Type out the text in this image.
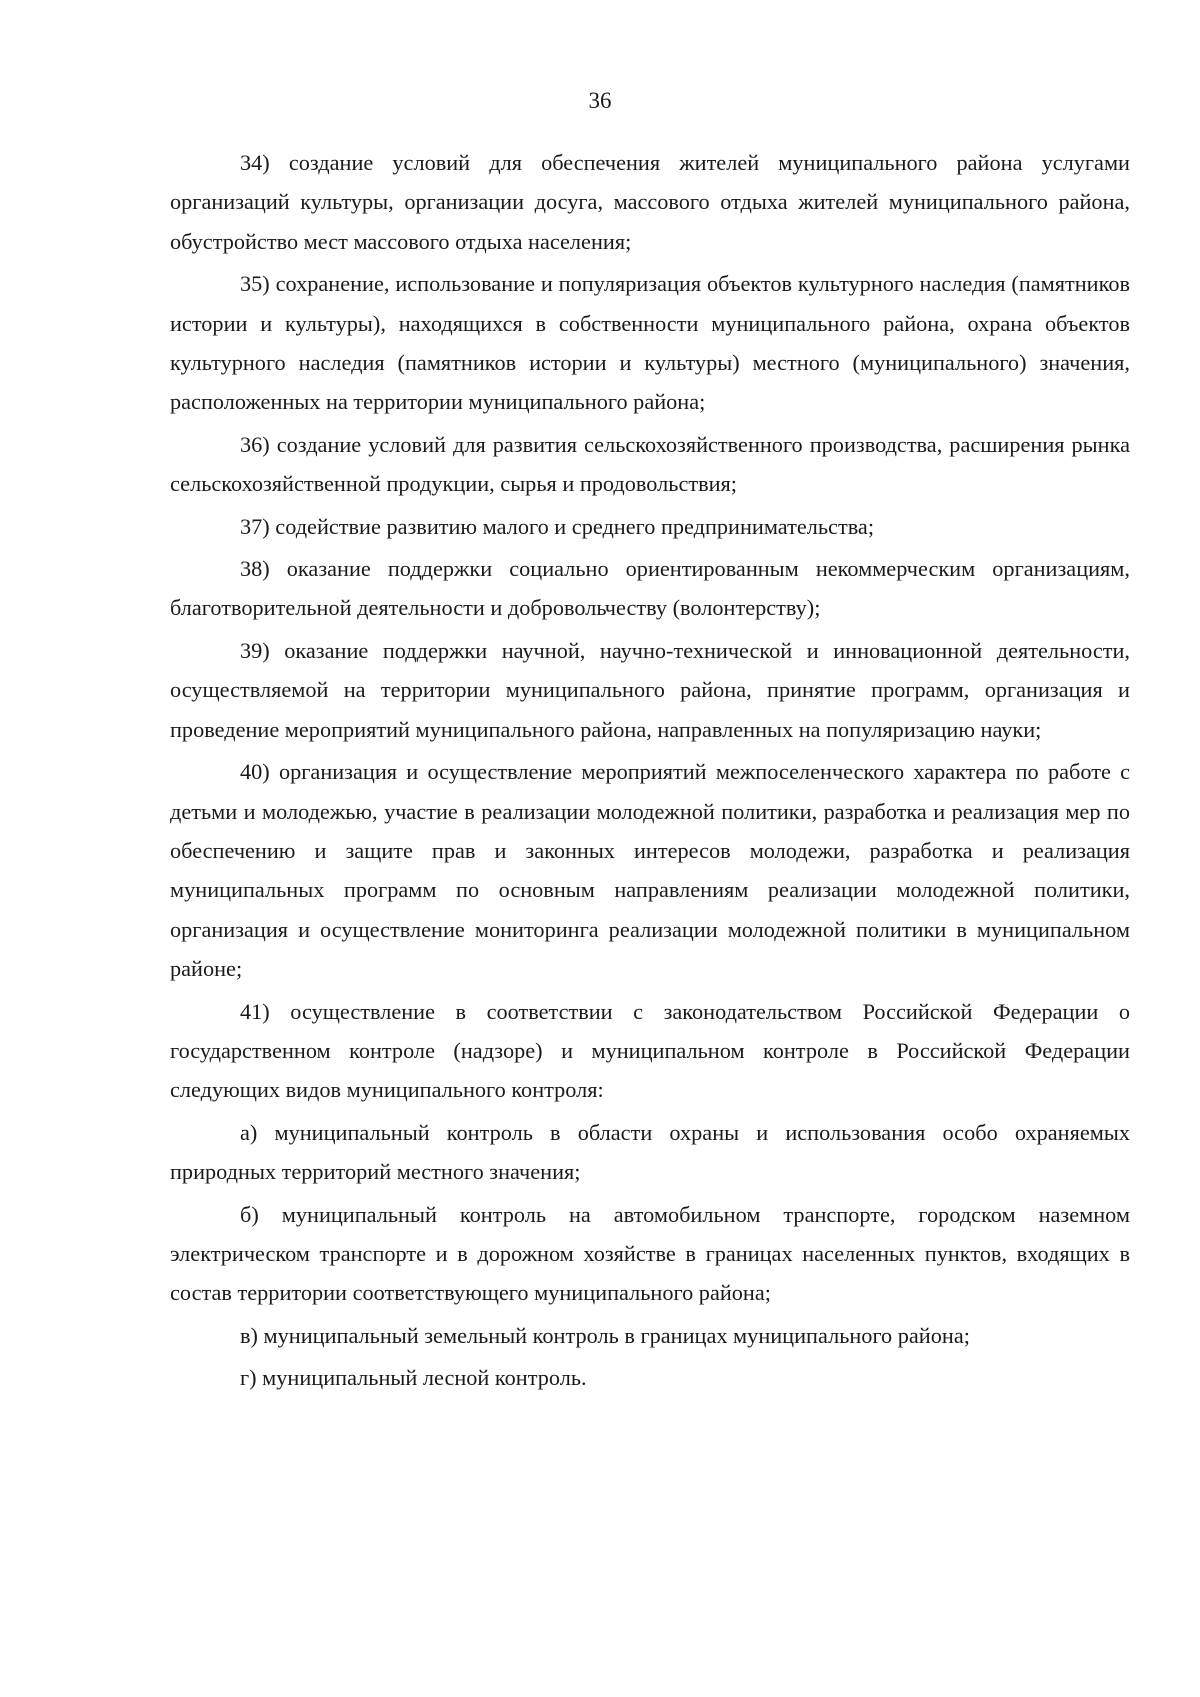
36

34) создание условий для обеспечения жителей муниципального района услугами организаций культуры, организации досуга, массового отдыха жителей муниципального района, обустройство мест массового отдыха населения;

35) сохранение, использование и популяризация объектов культурного наследия (памятников истории и культуры), находящихся в собственности муниципального района, охрана объектов культурного наследия (памятников истории и культуры) местного (муниципального) значения, расположенных на территории муниципального района;

36) создание условий для развития сельскохозяйственного производства, расширения рынка сельскохозяйственной продукции, сырья и продовольствия;

37) содействие развитию малого и среднего предпринимательства;

38) оказание поддержки социально ориентированным некоммерческим организациям, благотворительной деятельности и добровольчеству (волонтерству);

39) оказание поддержки научной, научно-технической и инновационной деятельности, осуществляемой на территории муниципального района, принятие программ, организация и проведение мероприятий муниципального района, направленных на популяризацию науки;

40) организация и осуществление мероприятий межпоселенческого характера по работе с детьми и молодежью, участие в реализации молодежной политики, разработка и реализация мер по обеспечению и защите прав и законных интересов молодежи, разработка и реализация муниципальных программ по основным направлениям реализации молодежной политики, организация и осуществление мониторинга реализации молодежной политики в муниципальном районе;

41) осуществление в соответствии с законодательством Российской Федерации о государственном контроле (надзоре) и муниципальном контроле в Российской Федерации следующих видов муниципального контроля:

а) муниципальный контроль в области охраны и использования особо охраняемых природных территорий местного значения;

б) муниципальный контроль на автомобильном транспорте, городском наземном электрическом транспорте и в дорожном хозяйстве в границах населенных пунктов, входящих в состав территории соответствующего муниципального района;

в) муниципальный земельный контроль в границах муниципального района;

г) муниципальный лесной контроль.
